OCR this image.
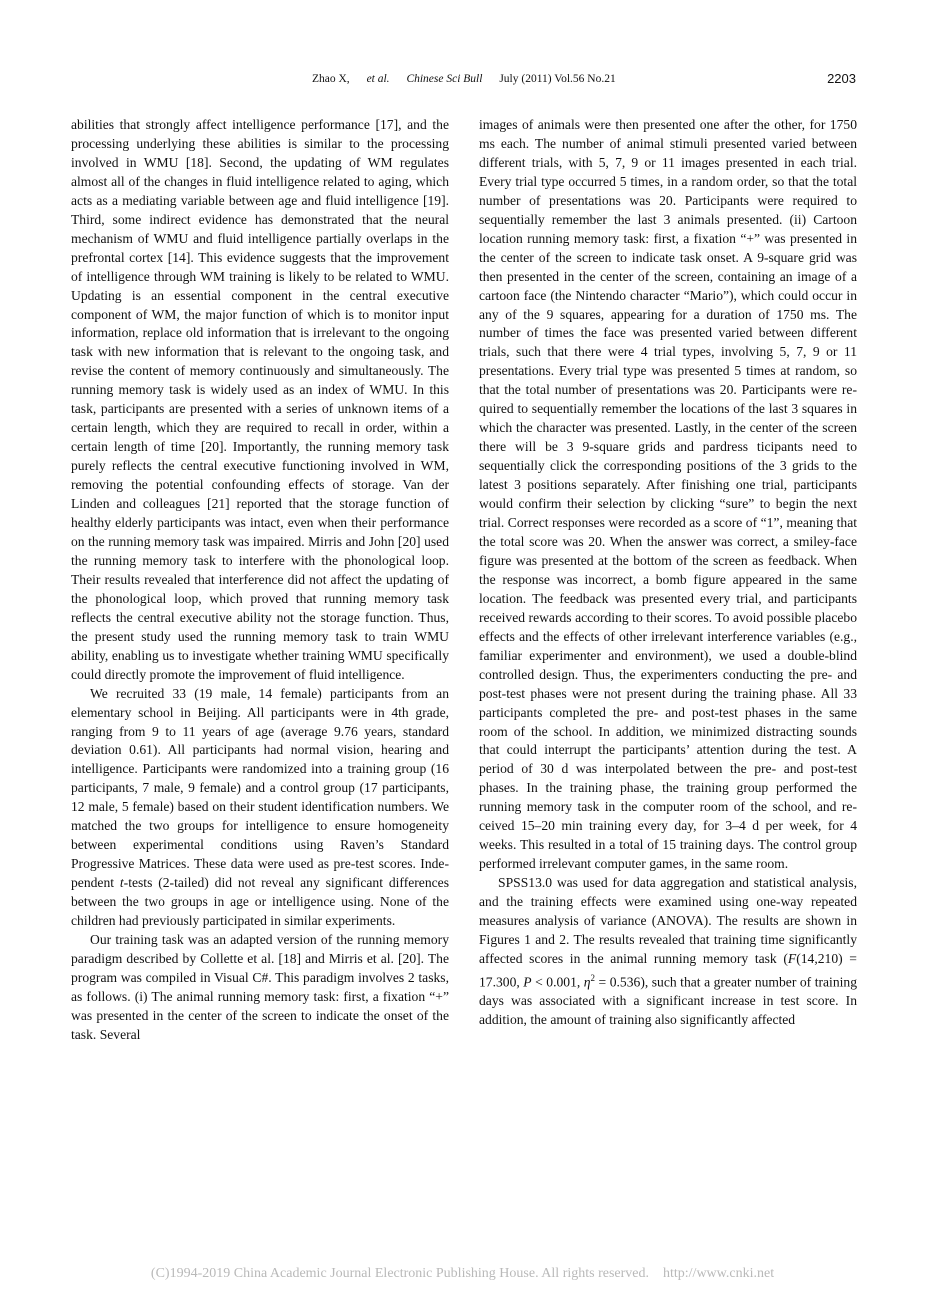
Zhao X, et al. Chinese Sci Bull July (2011) Vol.56 No.21	2203

abilities that strongly affect intelligence performance [17], and the processing underlying these abilities is similar to the processing involved in WMU [18]. Second, the updating of WM regulates almost all of the changes in fluid intelligence related to aging, which acts as a mediating variable between age and fluid intelligence [19]. Third, some indirect evidence has demonstrated that the neural mechanism of WMU and fluid intelligence partially overlaps in the prefrontal cortex [14]. This evidence suggests that the improvement of intelligence through WM training is likely to be related to WMU. Updating is an essential component in the central executive component of WM, the major function of which is to monitor input information, replace old information that is irrelevant to the ongoing task with new information that is relevant to the ongoing task, and revise the content of memory continuously and simultaneously. The running memory task is widely used as an index of WMU. In this task, participants are presented with a series of unknown items of a certain length, which they are required to recall in order, within a certain length of time [20]. Importantly, the running memory task purely reflects the central executive functioning involved in WM, removing the potential confounding effects of storage. Van der Linden and colleagues [21] reported that the storage function of healthy elderly participants was intact, even when their performance on the running memory task was impaired. Mirris and John [20] used the running memory task to interfere with the phonological loop. Their results revealed that interference did not affect the updating of the phonological loop, which proved that running memory task reflects the central executive ability not the storage function. Thus, the present study used the running memory task to train WMU ability, enabling us to investigate whether training WMU specifically could directly promote the improvement of fluid intelligence.

We recruited 33 (19 male, 14 female) participants from an elementary school in Beijing. All participants were in 4th grade, ranging from 9 to 11 years of age (average 9.76 years, standard deviation 0.61). All participants had normal vision, hearing and intelligence. Participants were randomized into a training group (16 participants, 7 male, 9 female) and a control group (17 participants, 12 male, 5 female) based on their student identification numbers. We matched the two groups for intelligence to ensure homogeneity between experimental conditions using Raven’s Standard Progressive Matrices. These data were used as pre-test scores. Independent t-tests (2-tailed) did not reveal any significant differences between the two groups in age or intelligence using. None of the children had previously participated in similar experiments.

Our training task was an adapted version of the running memory paradigm described by Collette et al. [18] and Mirris et al. [20]. The program was compiled in Visual C#. This paradigm involves 2 tasks, as follows. (i) The animal running memory task: first, a fixation “+” was presented in the center of the screen to indicate the onset of the task. Several

images of animals were then presented one after the other, for 1750 ms each. The number of animal stimuli presented varied between different trials, with 5, 7, 9 or 11 images presented in each trial. Every trial type occurred 5 times, in a random order, so that the total number of presentations was 20. Participants were required to sequentially remember the last 3 animals presented. (ii) Cartoon location running memory task: first, a fixation “+” was presented in the center of the screen to indicate task onset. A 9-square grid was then presented in the center of the screen, containing an image of a cartoon face (the Nintendo character “Mario”), which could occur in any of the 9 squares, appearing for a duration of 1750 ms. The number of times the face was presented varied between different trials, such that there were 4 trial types, involving 5, 7, 9 or 11 presentations. Every trial type was presented 5 times at random, so that the total number of presentations was 20. Participants were required to sequentially remember the locations of the last 3 squares in which the character was presented. Lastly, in the center of the screen there will be 3 9-square grids and pardress ticipants need to sequentially click the corresponding positions of the 3 grids to the latest 3 positions separately. After finishing one trial, participants would confirm their selection by clicking “sure” to begin the next trial. Correct responses were recorded as a score of “1”, meaning that the total score was 20. When the answer was correct, a smiley-face figure was presented at the bottom of the screen as feedback. When the response was incorrect, a bomb figure appeared in the same location. The feedback was presented every trial, and participants received rewards according to their scores. To avoid possible placebo effects and the effects of other irrelevant interference variables (e.g., familiar experimenter and environment), we used a double-blind controlled design. Thus, the experimenters conducting the pre- and post-test phases were not present during the training phase. All 33 participants completed the pre- and post-test phases in the same room of the school. In addition, we minimized distracting sounds that could interrupt the participants’ attention during the test. A period of 30 d was interpolated between the pre- and post-test phases. In the training phase, the training group performed the running memory task in the computer room of the school, and received 15–20 min training every day, for 3–4 d per week, for 4 weeks. This resulted in a total of 15 training days. The control group performed irrelevant computer games, in the same room.

SPSS13.0 was used for data aggregation and statistical analysis, and the training effects were examined using one-way repeated measures analysis of variance (ANOVA). The results are shown in Figures 1 and 2. The results revealed that training time significantly affected scores in the animal running memory task (F(14,210) = 17.300, P < 0.001, $\eta^2 = 0.536$), such that a greater number of training days was associated with a significant increase in test score. In addition, the amount of training also significantly affected

(C)1994-2019 China Academic Journal Electronic Publishing House. All rights reserved. http://www.cnki.net
